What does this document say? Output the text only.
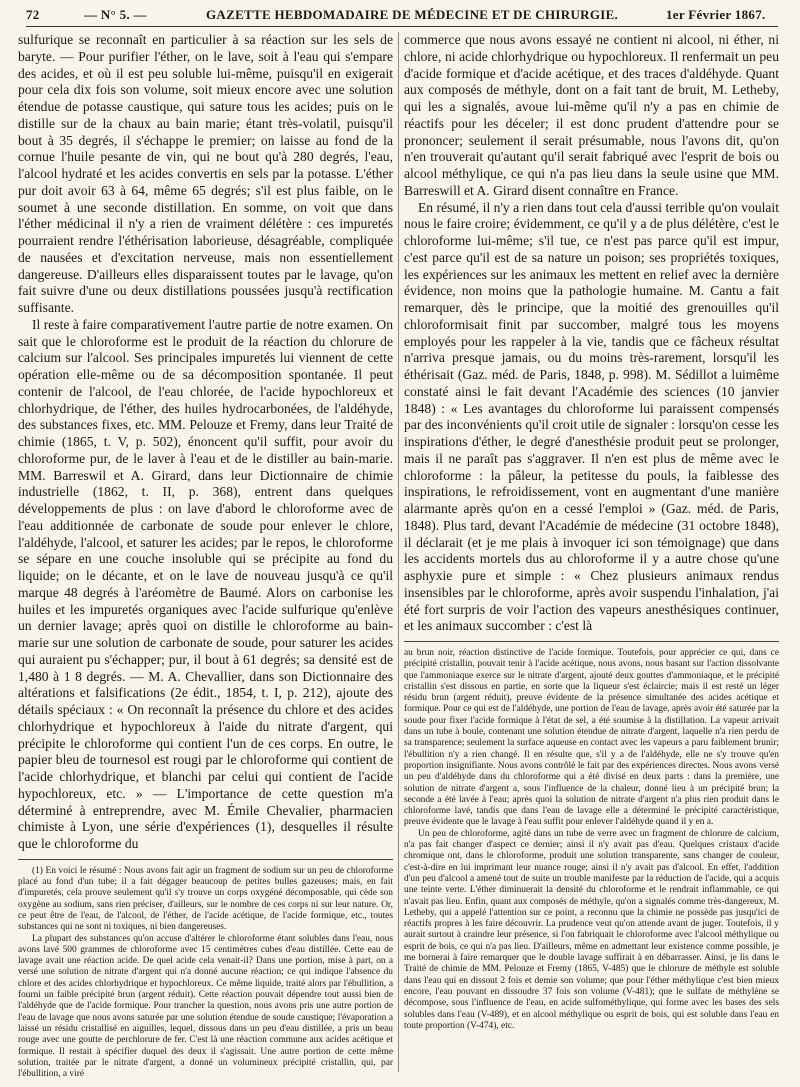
72	— N° 5. —	GAZETTE HEBDOMADAIRE DE MÉDECINE ET DE CHIRURGIE.	1er Février 1867.

sulfurique se reconnaît en particulier à sa réaction sur les sels de baryte. — Pour purifier l'éther, on le lave, soit à l'eau qui s'empare des acides, et où il est peu soluble lui-même, puisqu'il en exigerait pour cela dix fois son volume, soit mieux encore avec une solution étendue de potasse caustique, qui sature tous les acides; puis on le distille sur de la chaux au bain marie; étant très-volatil, puisqu'il bout à 35 degrés, il s'échappe le premier; on laisse au fond de la cornue l'huile pesante de vin, qui ne bout qu'à 280 degrés, l'eau, l'alcool hydraté et les acides convertis en sels par la potasse. L'éther pur doit avoir 63 à 64, même 65 degrés; s'il est plus faible, on le soumet à une seconde distillation. En somme, on voit que dans l'éther médicinal il n'y a rien de vraiment délétère : ces impuretés pourraient rendre l'éthérisation laborieuse, désagréable, compliquée de nausées et d'excitation nerveuse, mais non essentiellement dangereuse. D'ailleurs elles disparaissent toutes par le lavage, qu'on fait suivre d'une ou deux distillations poussées jusqu'à rectification suffisante.

Il reste à faire comparativement l'autre partie de notre examen. On sait que le chloroforme est le produit de la réaction du chlorure de calcium sur l'alcool. Ses principales impuretés lui viennent de cette opération elle-même ou de sa décomposition spontanée. Il peut contenir de l'alcool, de l'eau chlorée, de l'acide hypochloreux et chlorhydrique, de l'éther, des huiles hydrocarbonées, de l'aldéhyde, des substances fixes, etc. MM. Pelouze et Fremy, dans leur Traité de chimie (1865, t. V, p. 502), énoncent qu'il suffit, pour avoir du chloroforme pur, de le laver à l'eau et de le distiller au bain-marie. MM. Barreswil et A. Girard, dans leur Dictionnaire de chimie industrielle (1862, t. II, p. 368), entrent dans quelques développements de plus : on lave d'abord le chloroforme avec de l'eau additionnée de carbonate de soude pour enlever le chlore, l'aldéhyde, l'alcool, et saturer les acides; par le repos, le chloroforme se sépare en une couche insoluble qui se précipite au fond du liquide; on le décante, et on le lave de nouveau jusqu'à ce qu'il marque 48 degrés à l'aréomètre de Baumé. Alors on carbonise les huiles et les impuretés organiques avec l'acide sulfurique qu'enlève un dernier lavage; après quoi on distille le chloroforme au bain-marie sur une solution de carbonate de soude, pour saturer les acides qui auraient pu s'échapper; pur, il bout à 61 degrés; sa densité est de 1,480 à 1 8 degrés. — M. A. Chevallier, dans son Dictionnaire des altérations et falsifications (2e édit., 1854, t. I, p. 212), ajoute des détails spéciaux : « On reconnaît la présence du chlore et des acides chlorhydrique et hypochloreux à l'aide du nitrate d'argent, qui précipite le chloroforme qui contient l'un de ces corps. En outre, le papier bleu de tournesol est rougi par le chloroforme qui contient de l'acide chlorhydrique, et blanchi par celui qui contient de l'acide hypochloreux, etc. » — L'importance de cette question m'a déterminé à entreprendre, avec M. Émile Chevalier, pharmacien chimiste à Lyon, une série d'expériences (1), desquelles il résulte que le chloroforme du

(1) En voici le résumé : Nous avons fait agir un fragment de sodium sur un peu de chloroforme placé au fond d'un tube; il a fait dégager beaucoup de petites bulles gazeuses; mais, en fait d'impuretés, cela prouve seulement qu'il s'y trouve un corps oxygéné décomposable, qui cède son oxygène au sodium, sans rien préciser, d'ailleurs, sur le nombre de ces corps ni sur leur nature. Or, ce peut être de l'eau, de l'alcool, de l'éther, de l'acide acétique, de l'acide formique, etc., toutes substances qui ne sont ni toxiques, ni bien dangereuses.

La plupart des substances qu'on accuse d'altérer le chloroforme étant solubles dans l'eau, nous avons lavé 500 grammes de chloroforme avec 15 centimètres cubes d'eau distillée. Cette eau de lavage avait une réaction acide. De quel acide cela venait-il? Dans une portion, mise à part, on a versé une solution de nitrate d'argent qui n'a donné aucune réaction; ce qui indique l'absence du chlore et des acides chlorhydrique et hypochloreux. Ce même liquide, traité alors par l'ébullition, a fourni un faible précipité brun (argent réduit). Cette réaction pouvait dépendre tout aussi bien de l'aldéhyde que de l'acide formique. Pour trancher la question, nous avons pris une autre portion de l'eau de lavage que nous avons saturée par une solution étendue de soude caustique; l'évaporation a laissé un résidu cristallisé en aiguilles, lequel, dissous dans un peu d'eau distillée, a pris un beau rouge avec une goutte de perchlorure de fer. C'est là une réaction commune aux acides acétique et formique. Il restait à spécifier duquel des deux il s'agissait. Une autre portion de cette même solution, traitée par le nitrate d'argent, a donné un volumineux précipité cristallin, qui, par l'ébullition, a viré

commerce que nous avons essayé ne contient ni alcool, ni éther, ni chlore, ni acide chlorhydrique ou hypochloreux. Il renfermait un peu d'acide formique et d'acide acétique, et des traces d'aldéhyde. Quant aux composés de méthyle, dont on a fait tant de bruit, M. Letheby, qui les a signalés, avoue lui-même qu'il n'y a pas en chimie de réactifs pour les déceler; il est donc prudent d'attendre pour se prononcer; seulement il serait présumable, nous l'avons dit, qu'on n'en trouverait qu'autant qu'il serait fabriqué avec l'esprit de bois ou alcool méthylique, ce qui n'a pas lieu dans la seule usine que MM. Barreswill et A. Girard disent connaître en France.

En résumé, il n'y a rien dans tout cela d'aussi terrible qu'on voulait nous le faire croire; évidemment, ce qu'il y a de plus délétère, c'est le chloroforme lui-même; s'il tue, ce n'est pas parce qu'il est impur, c'est parce qu'il est de sa nature un poison; ses propriétés toxiques, les expériences sur les animaux les mettent en relief avec la dernière évidence, non moins que la pathologie humaine. M. Cantu a fait remarquer, dès le principe, que la moitié des grenouilles qu'il chloroformisait finit par succomber, malgré tous les moyens employés pour les rappeler à la vie, tandis que ce fâcheux résultat n'arriva presque jamais, ou du moins très-rarement, lorsqu'il les éthérisait (Gaz. méd. de Paris, 1848, p. 998). M. Sédillot a luimême constaté ainsi le fait devant l'Académie des sciences (10 janvier 1848) : « Les avantages du chloroforme lui paraissent compensés par des inconvénients qu'il croit utile de signaler : lorsqu'on cesse les inspirations d'éther, le degré d'anesthésie produit peut se prolonger, mais il ne paraît pas s'aggraver. Il n'en est plus de même avec le chloroforme : la pâleur, la petitesse du pouls, la faiblesse des inspirations, le refroidissement, vont en augmentant d'une manière alarmante après qu'on en a cessé l'emploi » (Gaz. méd. de Paris, 1848). Plus tard, devant l'Académie de médecine (31 octobre 1848), il déclarait (et je me plais à invoquer ici son témoignage) que dans les accidents mortels dus au chloroforme il y a autre chose qu'une asphyxie pure et simple : « Chez plusieurs animaux rendus insensibles par le chloroforme, après avoir suspendu l'inhalation, j'ai été fort surpris de voir l'action des vapeurs anesthésiques continuer, et les animaux succomber : c'est là

au brun noir, réaction distinctive de l'acide formique. Toutefois, pour apprécier ce qui, dans ce précipité cristallin, pouvait tenir à l'acide acétique, nous avons, nous basant sur l'action dissolvante que l'ammoniaque exerce sur le nitrate d'argent, ajouté deux gouttes d'ammoniaque, et le précipité cristallin s'est dissous en partie, en sorte que la liqueur s'est éclaircie; mais il est resté un léger résidu brun (argent réduit), preuve évidente de la présence simultanée des acides acétique et formique. Pour ce qui est de l'aldéhyde, une portion de l'eau de lavage, après avoir été saturée par la soude pour fixer l'acide formique à l'état de sel, a été soumise à la distillation. La vapeur arrivait dans un tube à boule, contenant une solution étendue de nitrate d'argent, laquelle n'a rien perdu de sa transparence; seulement la surface aqueuse en contact avec les vapeurs a paru faiblement brunir; l'ébullition n'y a rien changé. Il en résulte que, s'il y a de l'aldéhyde, elle ne s'y trouve qu'en proportion insignifiante. Nous avons contrôlé le fait par des expériences directes. Nous avons versé un peu d'aldéhyde dans du chloroforme qui a été divisé en deux parts : dans la première, une solution de nitrate d'argent a, sous l'influence de la chaleur, donné lieu à un précipité brun; la seconde a été lavée à l'eau; après quoi la solution de nitrate d'argent n'a plus rien produit dans le chloroforme lavé, tandis que dans l'eau de lavage elle a déterminé le précipité caractéristique, preuve évidente que le lavage à l'eau suffit pour enlever l'aldéhyde quand il y en a.

Un peu de chloroforme, agité dans un tube de verre avec un fragment de chlorure de calcium, n'a pas fait changer d'aspect ce dernier; ainsi il n'y avait pas d'eau. Quelques cristaux d'acide chromique ont, dans le chloroforme, produit une solution transparente, sans changer de couleur, c'est-à-dire en lui imprimant leur nuance rouge; ainsi il n'y avait pas d'alcool. En effet, l'addition d'un peu d'alcool a amené tout de suite un trouble manifeste par la réduction de l'acide, qui a acquis une teinte verte. L'éther diminuerait la densité du chloroforme et le rendrait inflammable, ce qui n'avait pas lieu. Enfin, quant aux composés de méthyle, qu'on a signalés comme très-dangereux, M. Letheby, qui a appelé l'attention sur ce point, a reconnu que la chimie ne possède pas jusqu'ici de réactifs propres à les faire découvrir. La prudence veut qu'on attende avant de juger. Toutefois, il y aurait surtout à craindre leur présence, si l'on fabriquait le chloroforme avec l'alcool méthylique ou esprit de bois, ce qui n'a pas lieu. D'ailleurs, même en admettant leur existence comme possible, je me bornerai à faire remarquer que le double lavage suffirait à en débarrasser. Ainsi, je lis dans le Traité de chimie de MM. Pelouze et Fremy (1865, V-485) que le chlorure de méthyle est soluble dans l'eau qui en dissout 2 fois et demie son volume; que pour l'éther méthylique c'est bien mieux encore, l'eau pouvant en dissoudre 37 fois son volume (V-481); que le sulfate de méthylène se décompose, sous l'influence de l'eau, en acide sulfométhylique, qui forme avec les bases des sels solubles dans l'eau (V-489), et en alcool méthylique ou esprit de bois, qui est soluble dans l'eau en toute proportion (V-474), etc.
